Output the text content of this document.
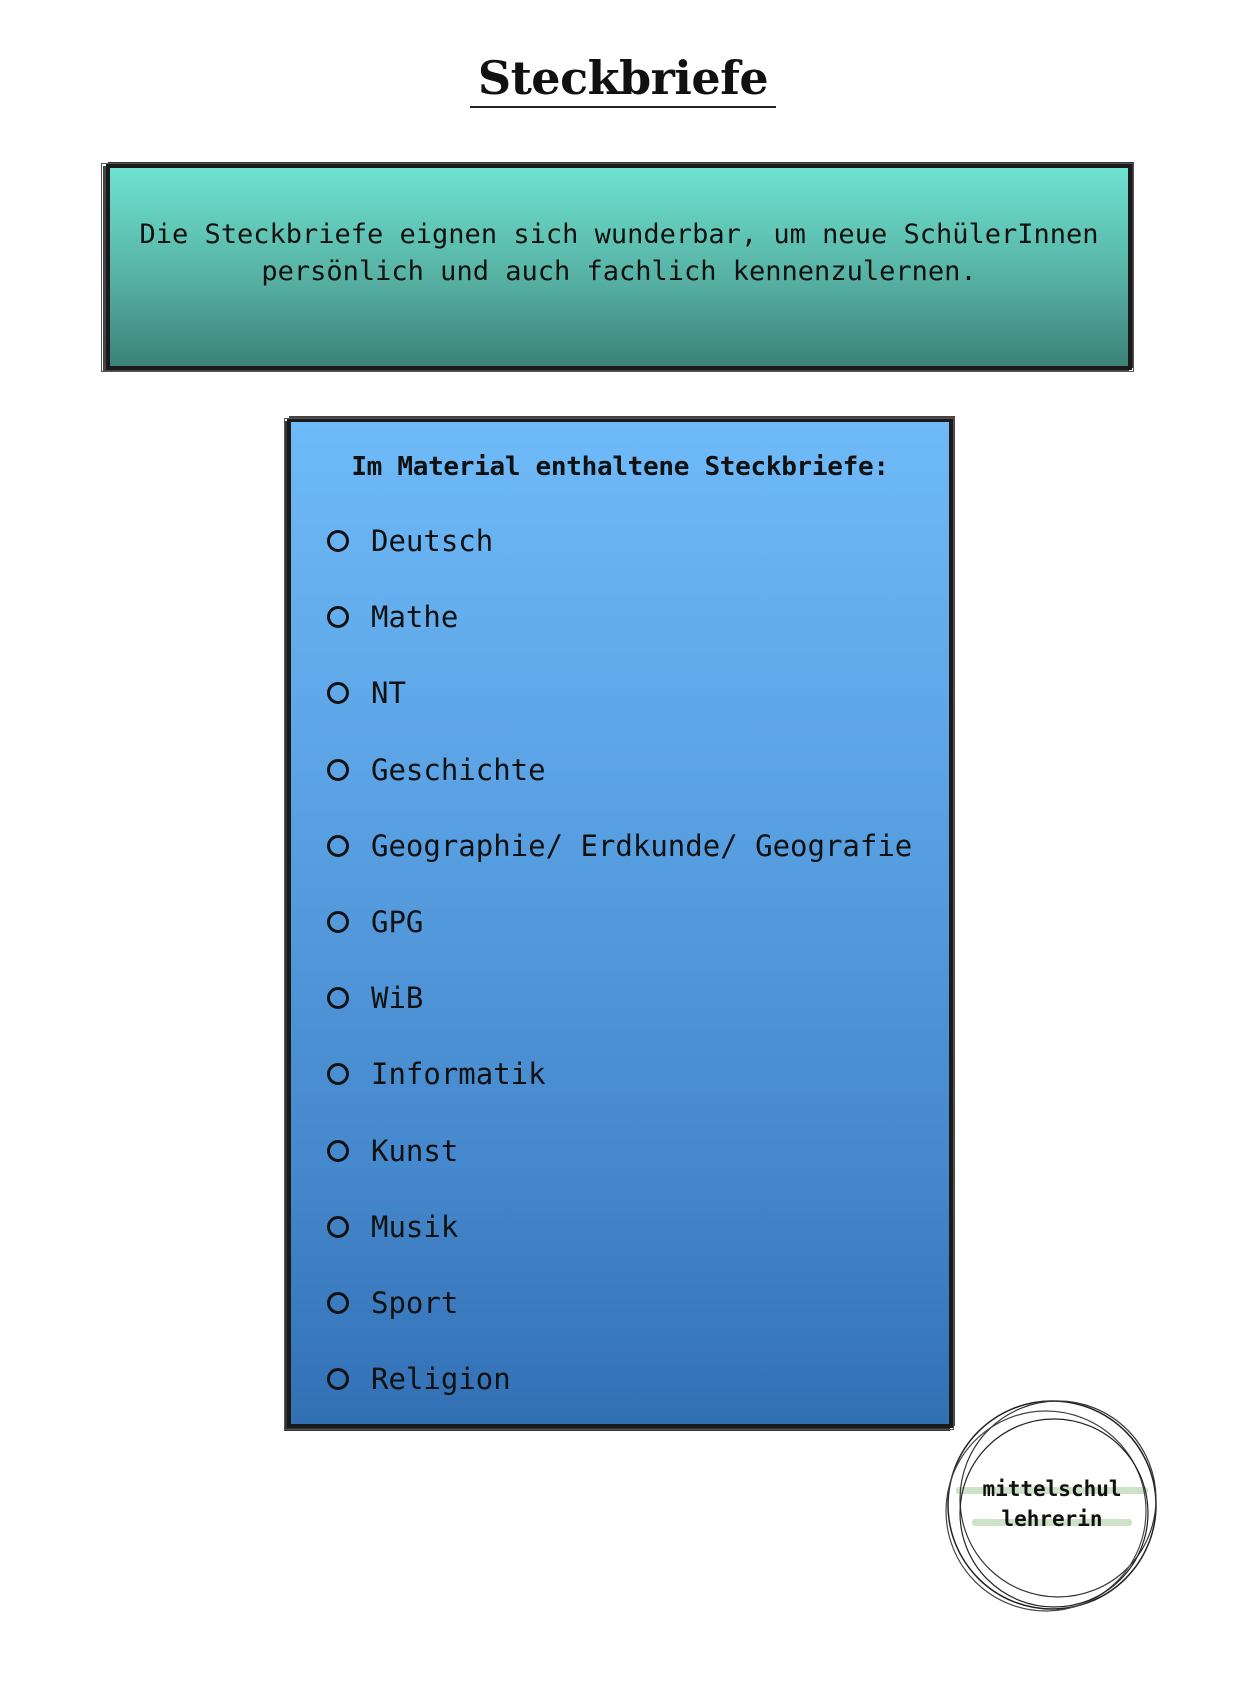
Steckbriefe
Die Steckbriefe eignen sich wunderbar, um neue SchülerInnen
persönlich und auch fachlich kennenzulernen.
Im Material enthaltene Steckbriefe:
Deutsch
Mathe
NT
Geschichte
Geographie/ Erdkunde/ Geografie
GPG
WiB
Informatik
Kunst
Musik
Sport
Religion
mittelschul
lehrerin
